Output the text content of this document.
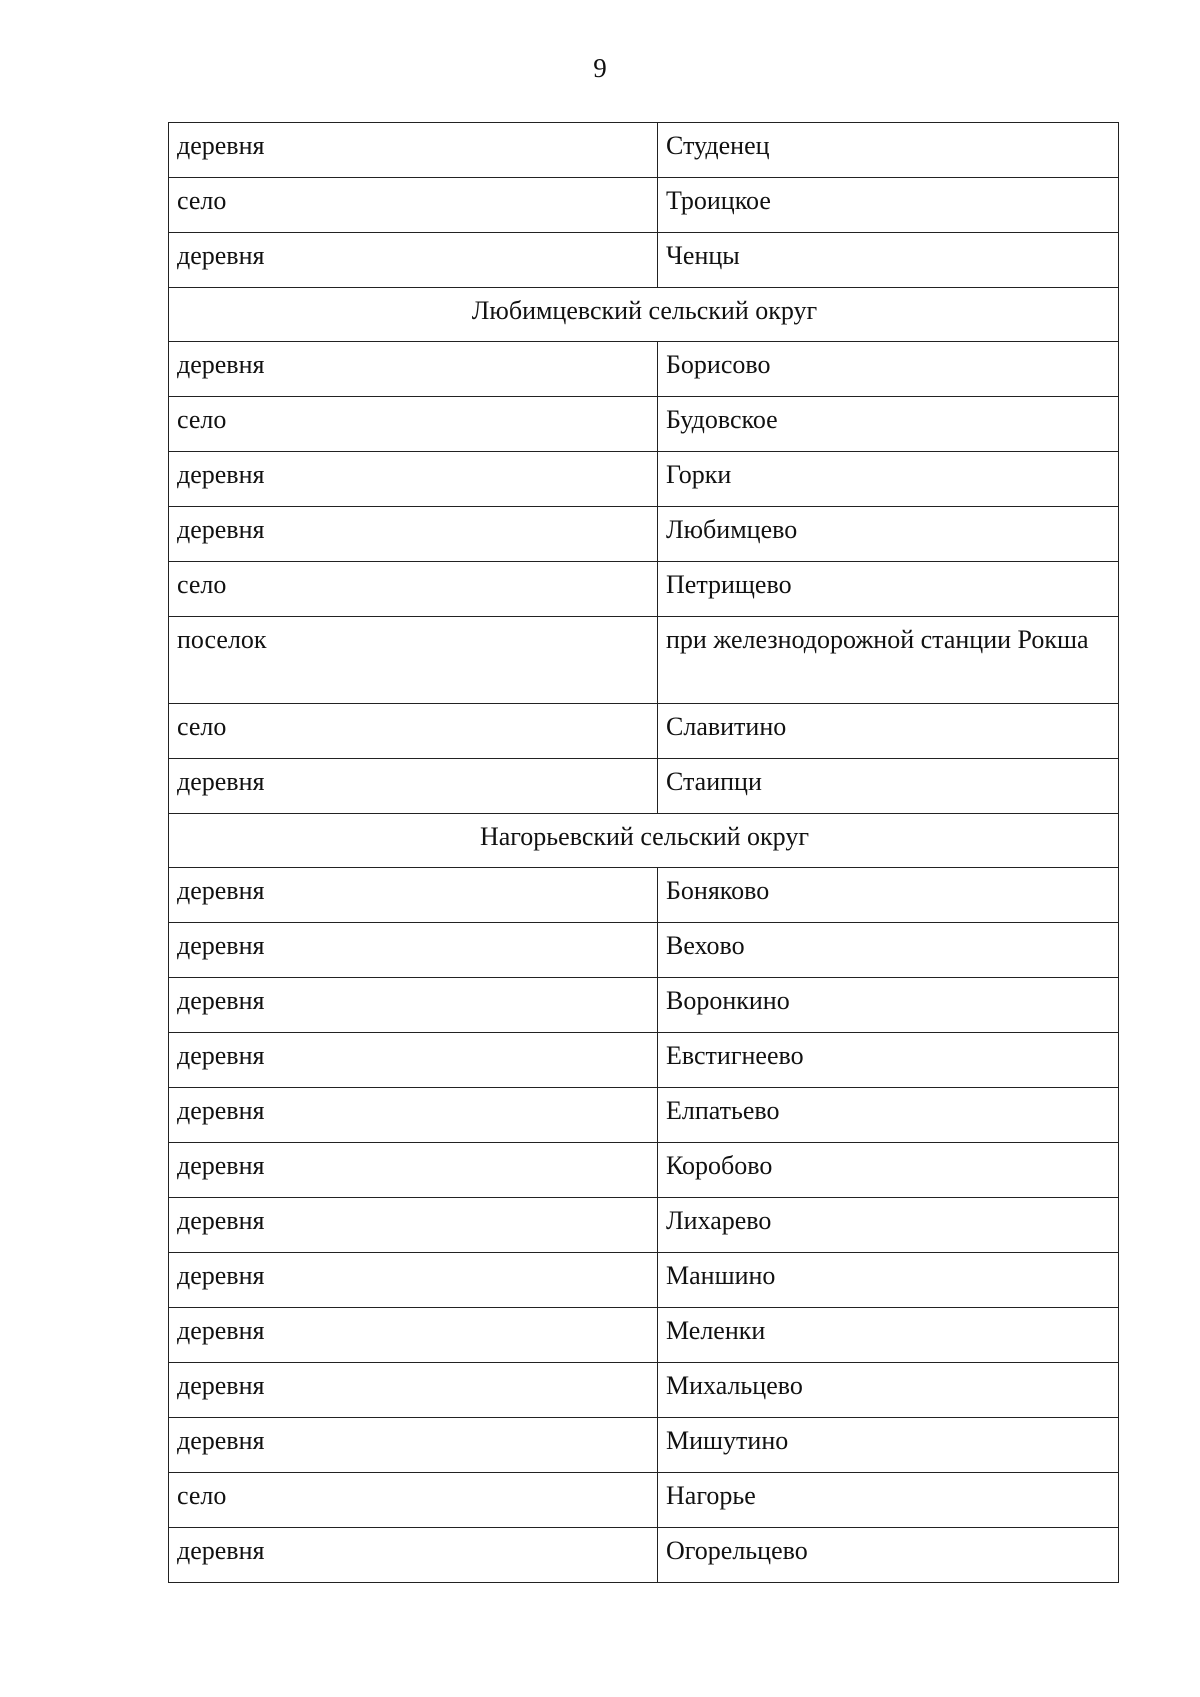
9
деревня	Студенец
село	Троицкое
деревня	Ченцы
Любимцевский сельский округ	
деревня	Борисово
село	Будовское
деревня	Горки
деревня	Любимцево
село	Петрищево
поселок	при железнодорожной станции Рокша
село	Славитино
деревня	Стаипци
Нагорьевский сельский округ	
деревня	Боняково
деревня	Вехово
деревня	Воронкино
деревня	Евстигнеево
деревня	Елпатьево
деревня	Коробово
деревня	Лихарево
деревня	Маншино
деревня	Меленки
деревня	Михальцево
деревня	Мишутино
село	Нагорье
деревня	Огорельцево
